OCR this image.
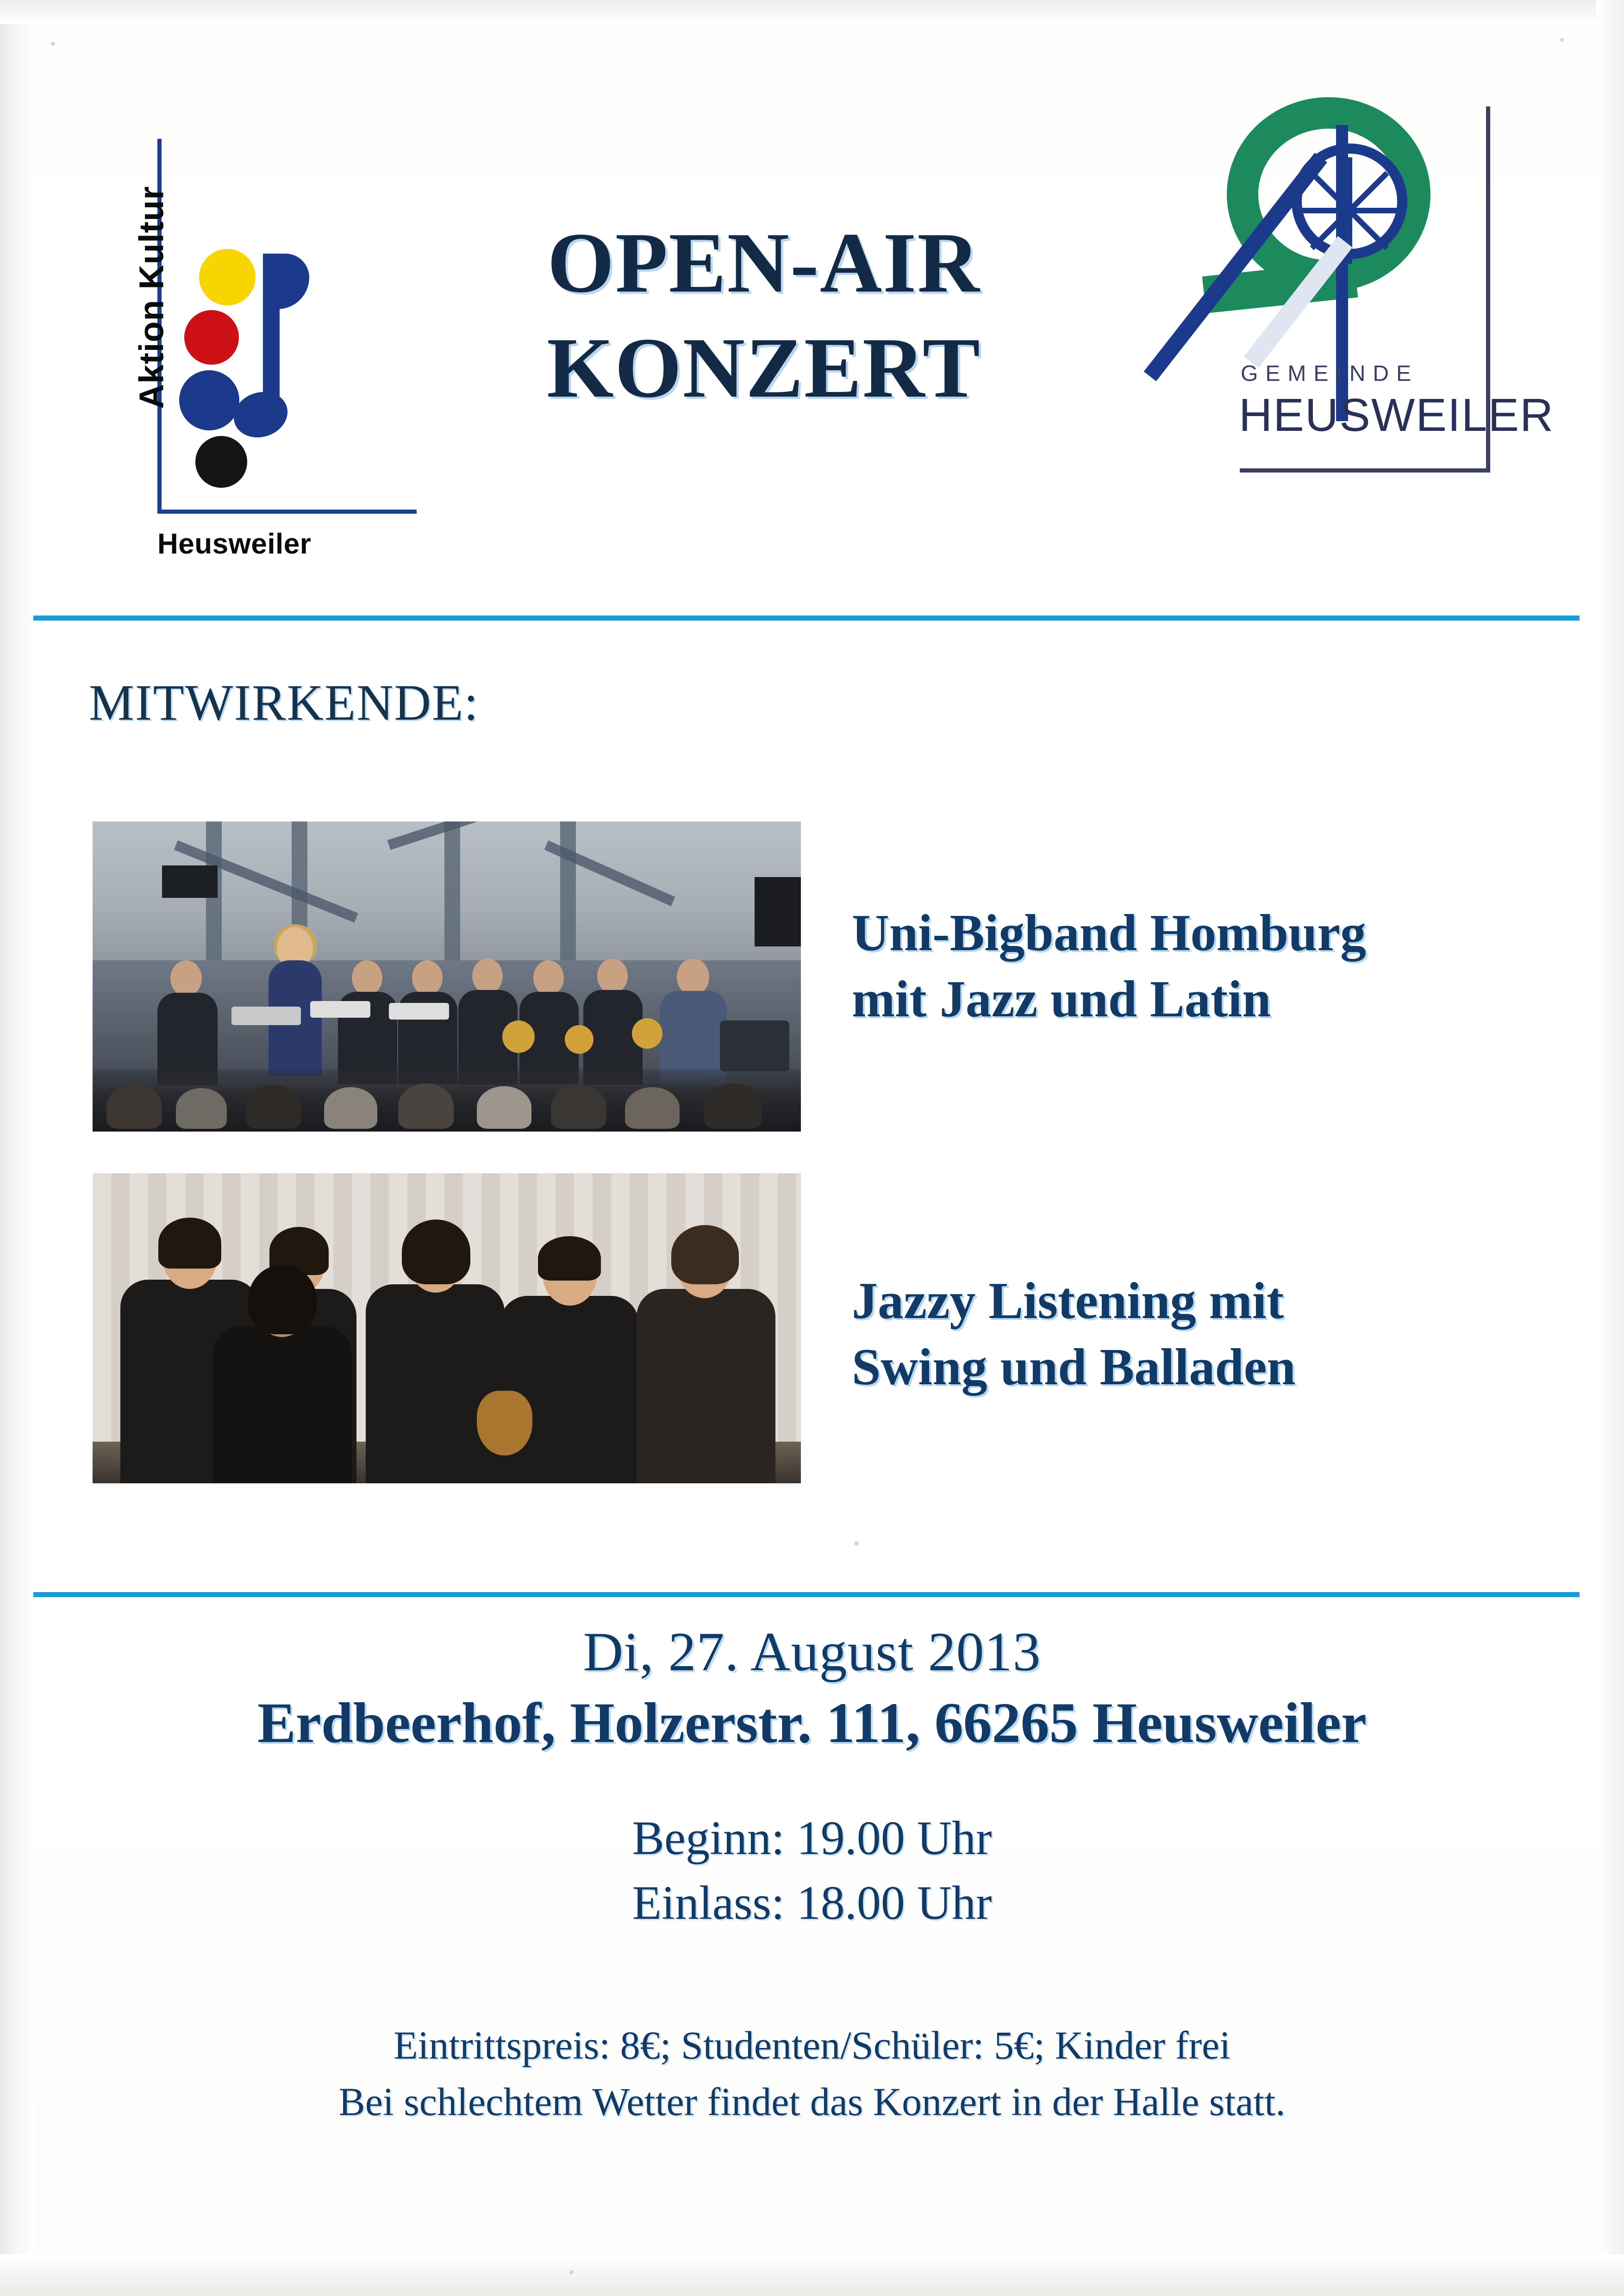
Aktion Kultur
Heusweiler
OPEN-AIR
KONZERT	GEMEINDE
HEUSWEILER
MITWIRKENDE:
Uni-Bigband Homburg
mit Jazz und Latin
Jazzy Listening mit
Swing und Balladen
Di, 27. August 2013
Erdbeerhof, Holzerstr. 111, 66265 Heusweiler
Beginn: 19.00 Uhr
Einlass: 18.00 Uhr
Eintrittspreis: 8€; Studenten/Schüler: 5€; Kinder frei
Bei schlechtem Wetter findet das Konzert in der Halle statt.
